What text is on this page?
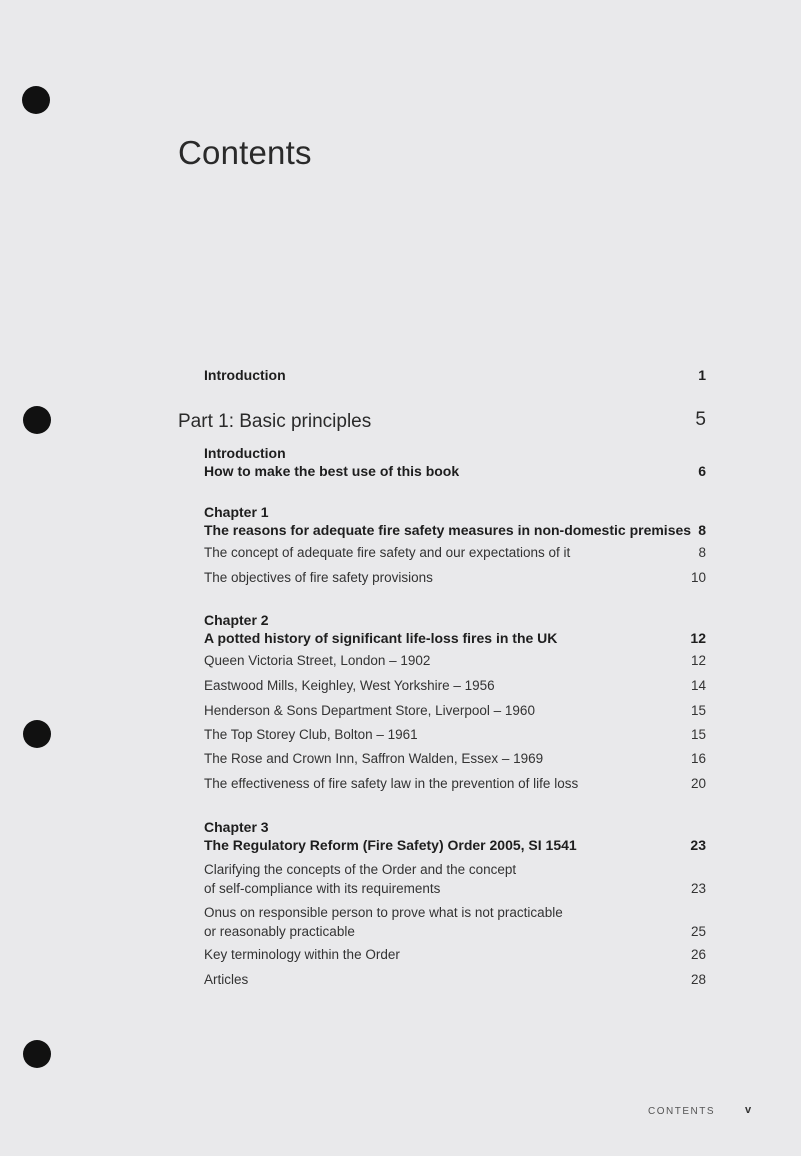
Contents
Introduction	1
Part 1: Basic principles	5
Introduction
How to make the best use of this book	6
Chapter 1
The reasons for adequate fire safety measures in non-domestic premises 8
The concept of adequate fire safety and our expectations of it	8
The objectives of fire safety provisions	10
Chapter 2
A potted history of significant life-loss fires in the UK	12
Queen Victoria Street, London – 1902	12
Eastwood Mills, Keighley, West Yorkshire – 1956	14
Henderson & Sons Department Store, Liverpool – 1960	15
The Top Storey Club, Bolton – 1961	15
The Rose and Crown Inn, Saffron Walden, Essex – 1969	16
The effectiveness of fire safety law in the prevention of life loss	20
Chapter 3
The Regulatory Reform (Fire Safety) Order 2005, SI 1541	23
Clarifying the concepts of the Order and the concept
of self-compliance with its requirements	23
Onus on responsible person to prove what is not practicable
or reasonably practicable	25
Key terminology within the Order	26
Articles	28
CONTENTS	v
